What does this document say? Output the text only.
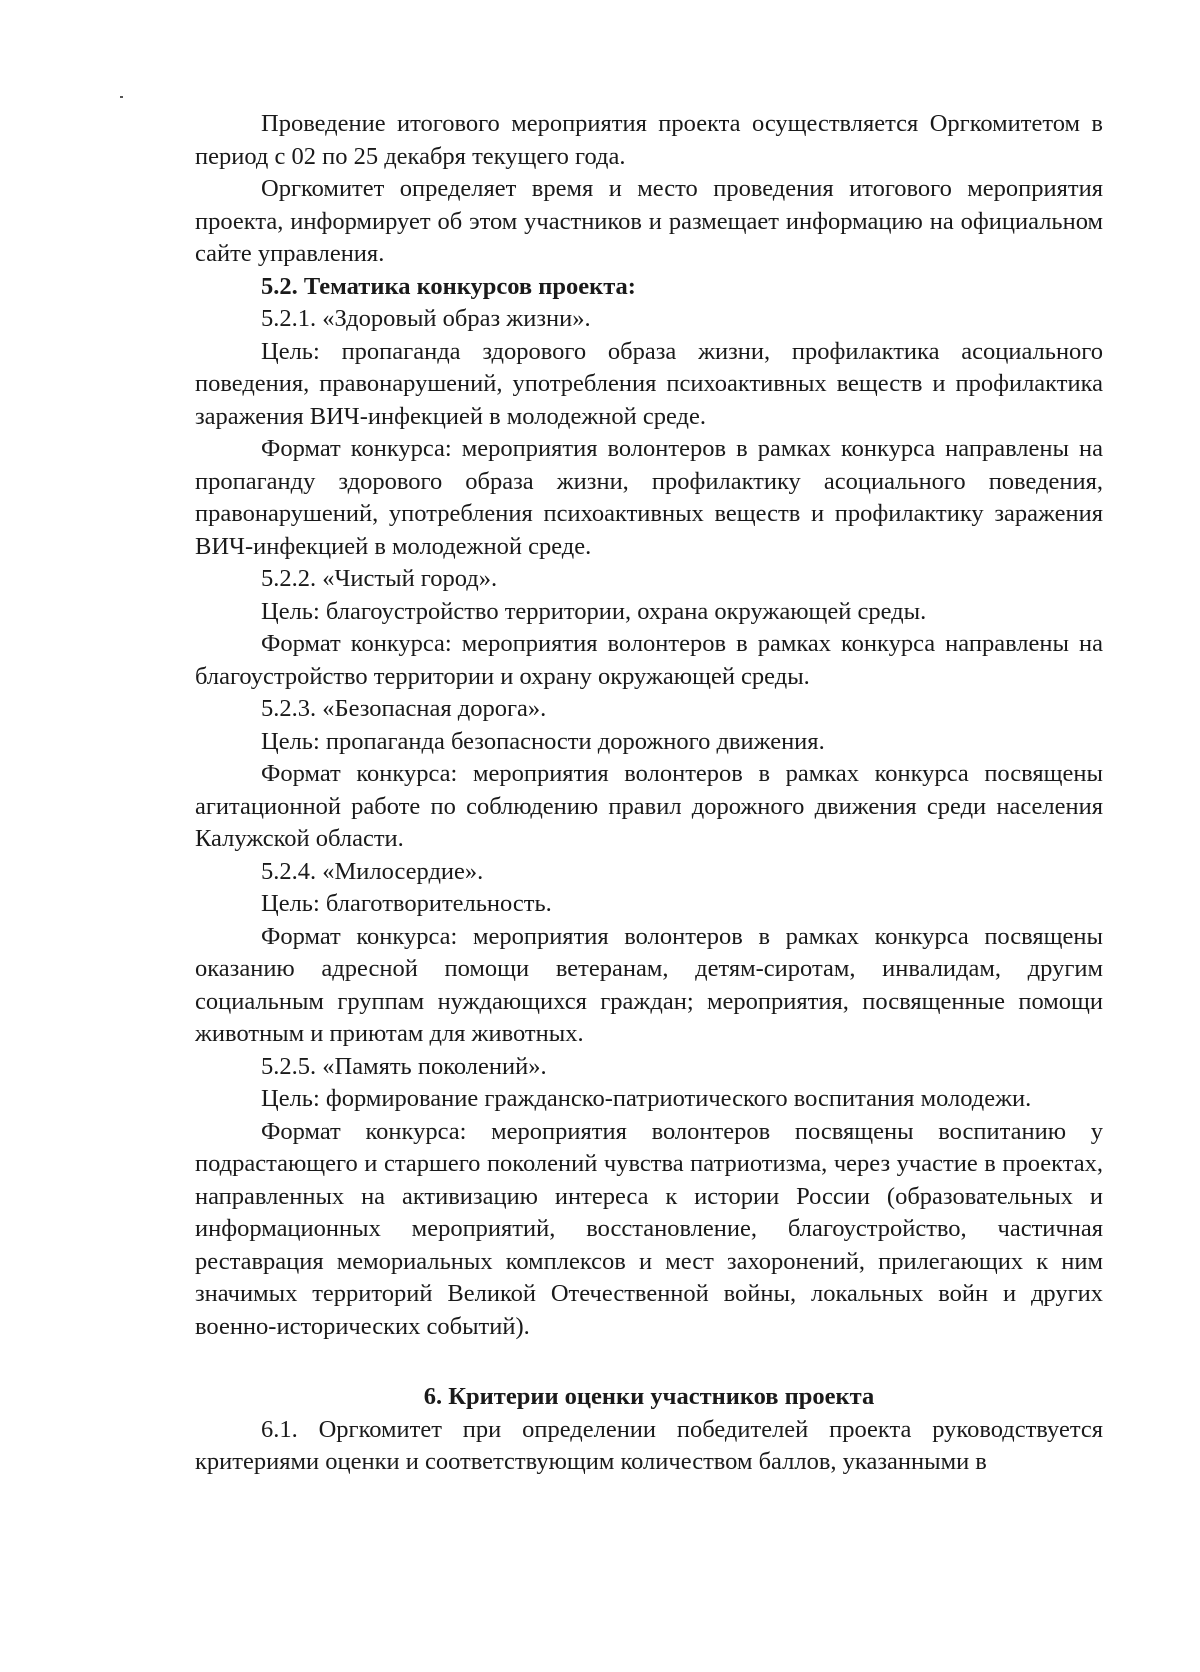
Проведение итогового мероприятия проекта осуществляется Оргкомитетом в период с 02 по 25 декабря текущего года.

Оргкомитет определяет время и место проведения итогового мероприятия проекта, информирует об этом участников и размещает информацию на официальном сайте управления.

5.2. Тематика конкурсов проекта:

5.2.1. «Здоровый образ жизни».

Цель: пропаганда здорового образа жизни, профилактика асоциального поведения, правонарушений, употребления психоактивных веществ и профилактика заражения ВИЧ-инфекцией в молодежной среде.

Формат конкурса: мероприятия волонтеров в рамках конкурса направлены на пропаганду здорового образа жизни, профилактику асоциального поведения, правонарушений, употребления психоактивных веществ и профилактику заражения ВИЧ-инфекцией в молодежной среде.

5.2.2. «Чистый город».

Цель: благоустройство территории, охрана окружающей среды.

Формат конкурса: мероприятия волонтеров в рамках конкурса направлены на благоустройство территории и охрану окружающей среды.

5.2.3. «Безопасная дорога».

Цель: пропаганда безопасности дорожного движения.

Формат конкурса: мероприятия волонтеров в рамках конкурса посвящены агитационной работе по соблюдению правил дорожного движения среди населения Калужской области.

5.2.4. «Милосердие».

Цель: благотворительность.

Формат конкурса: мероприятия волонтеров в рамках конкурса посвящены оказанию адресной помощи ветеранам, детям-сиротам, инвалидам, другим социальным группам нуждающихся граждан; мероприятия, посвященные помощи животным и приютам для животных.

5.2.5. «Память поколений».

Цель: формирование гражданско-патриотического воспитания молодежи.

Формат конкурса: мероприятия волонтеров посвящены воспитанию у подрастающего и старшего поколений чувства патриотизма, через участие в проектах, направленных на активизацию интереса к истории России (образовательных и информационных мероприятий, восстановление, благоустройство, частичная реставрация мемориальных комплексов и мест захоронений, прилегающих к ним значимых территорий Великой Отечественной войны, локальных войн и других военно-исторических событий).

6. Критерии оценки участников проекта

6.1. Оргкомитет при определении победителей проекта руководствуется критериями оценки и соответствующим количеством баллов, указанными в
